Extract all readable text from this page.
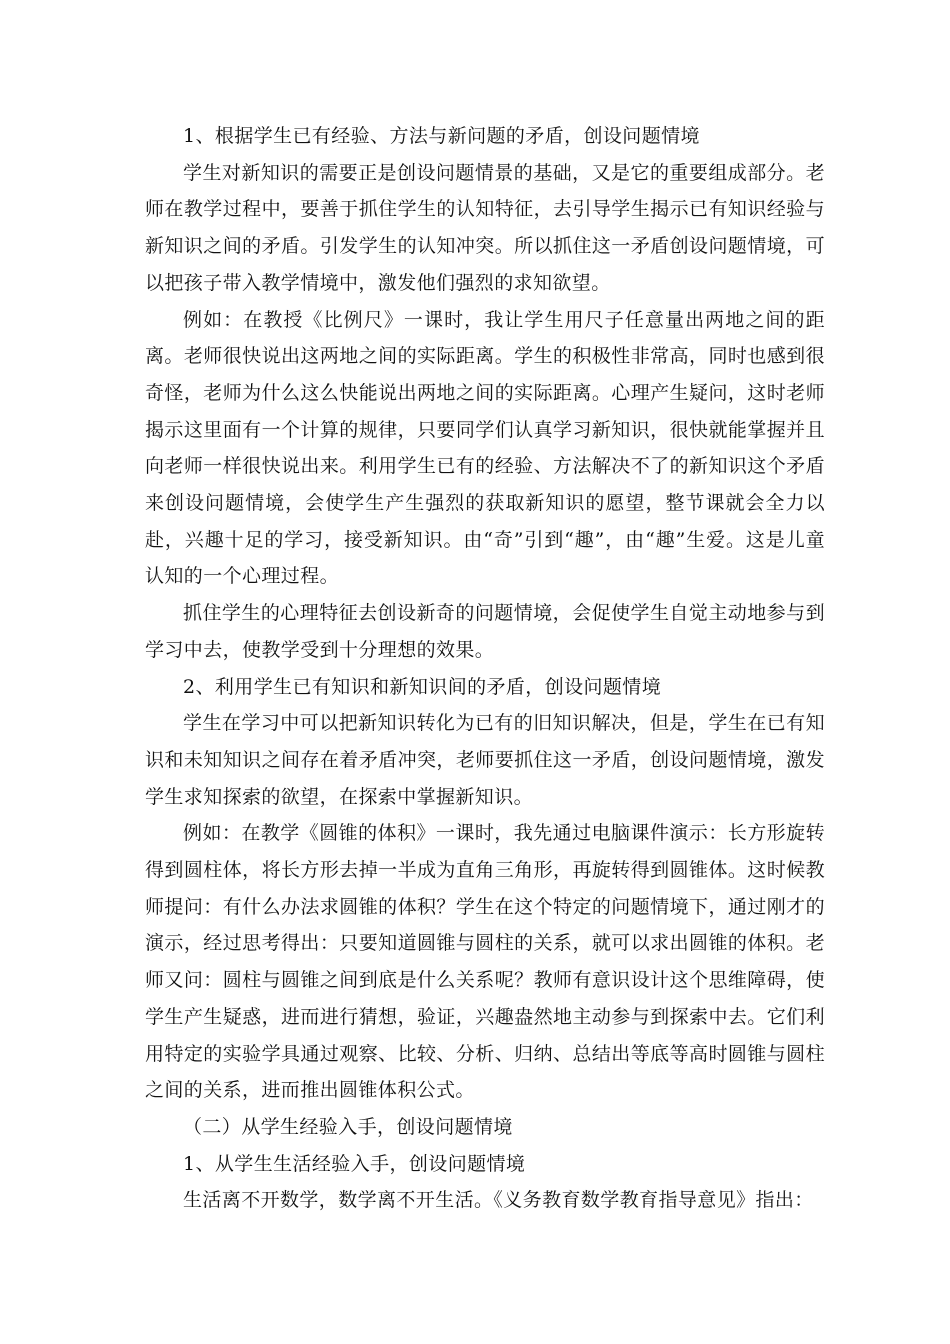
1、根据学生已有经验、方法与新问题的矛盾，创设问题情境

学生对新知识的需要正是创设问题情景的基础，又是它的重要组成部分。老师在教学过程中，要善于抓住学生的认知特征，去引导学生揭示已有知识经验与新知识之间的矛盾。引发学生的认知冲突。所以抓住这一矛盾创设问题情境，可以把孩子带入教学情境中，激发他们强烈的求知欲望。

例如：在教授《比例尺》一课时，我让学生用尺子任意量出两地之间的距离。老师很快说出这两地之间的实际距离。学生的积极性非常高，同时也感到很奇怪，老师为什么这么快能说出两地之间的实际距离。心理产生疑问，这时老师揭示这里面有一个计算的规律，只要同学们认真学习新知识，很快就能掌握并且向老师一样很快说出来。利用学生已有的经验、方法解决不了的新知识这个矛盾来创设问题情境，会使学生产生强烈的获取新知识的愿望，整节课就会全力以赴，兴趣十足的学习，接受新知识。由“奇”引到“趣”，由“趣”生爱。这是儿童认知的一个心理过程。

抓住学生的心理特征去创设新奇的问题情境，会促使学生自觉主动地参与到学习中去，使教学受到十分理想的效果。

2、利用学生已有知识和新知识间的矛盾，创设问题情境

学生在学习中可以把新知识转化为已有的旧知识解决，但是，学生在已有知识和未知知识之间存在着矛盾冲突，老师要抓住这一矛盾，创设问题情境，激发学生求知探索的欲望，在探索中掌握新知识。

例如：在教学《圆锥的体积》一课时，我先通过电脑课件演示：长方形旋转得到圆柱体，将长方形去掉一半成为直角三角形，再旋转得到圆锥体。这时候教师提问：有什么办法求圆锥的体积？学生在这个特定的问题情境下，通过刚才的演示，经过思考得出：只要知道圆锥与圆柱的关系，就可以求出圆锥的体积。老师又问：圆柱与圆锥之间到底是什么关系呢？教师有意识设计这个思维障碍，使学生产生疑惑，进而进行猜想，验证，兴趣盎然地主动参与到探索中去。它们利用特定的实验学具通过观察、比较、分析、归纳、总结出等底等高时圆锥与圆柱之间的关系，进而推出圆锥体积公式。

（二）从学生经验入手，创设问题情境

1、从学生生活经验入手，创设问题情境

生活离不开数学，数学离不开生活。《义务教育数学教育指导意见》指出：
